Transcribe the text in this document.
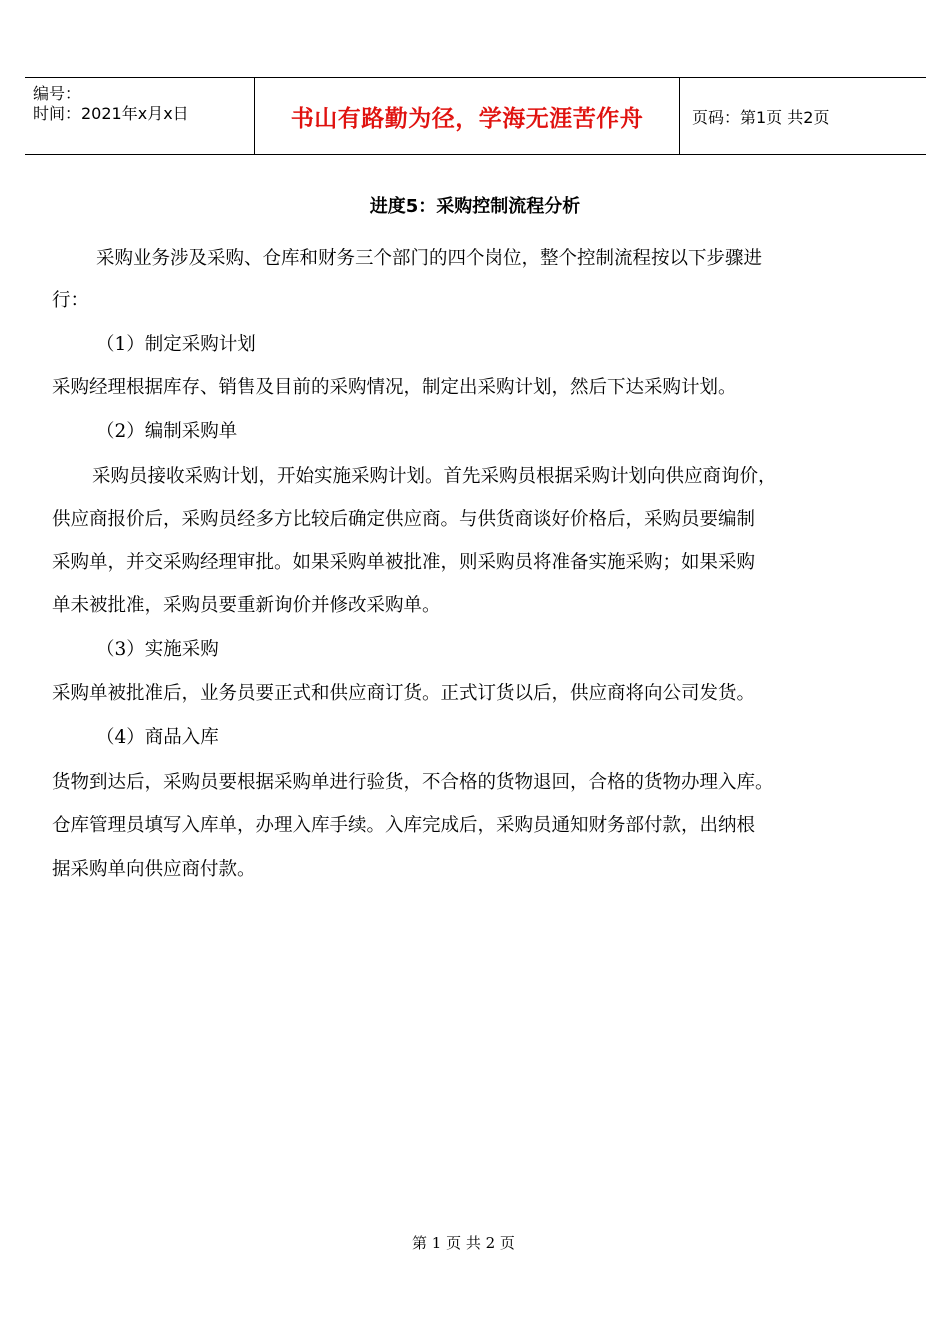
编号：
时间：2021年x月x日	书山有路勤为径，学海无涯苦作舟	页码：第1页 共2页
进度5：采购控制流程分析

采购业务涉及采购、仓库和财务三个部门的四个岗位，整个控制流程按以下步骤进

行：

（1）制定采购计划

采购经理根据库存、销售及目前的采购情况，制定出采购计划，然后下达采购计划。

（2）编制采购单

采购员接收采购计划，开始实施采购计划。首先采购员根据采购计划向供应商询价，

供应商报价后，采购员经多方比较后确定供应商。与供货商谈好价格后，采购员要编制

采购单，并交采购经理审批。如果采购单被批准，则采购员将准备实施采购；如果采购

单未被批准，采购员要重新询价并修改采购单。

（3）实施采购

采购单被批准后，业务员要正式和供应商订货。正式订货以后，供应商将向公司发货。

（4）商品入库

货物到达后，采购员要根据采购单进行验货，不合格的货物退回，合格的货物办理入库。

仓库管理员填写入库单，办理入库手续。入库完成后，采购员通知财务部付款，出纳根

据采购单向供应商付款。

第 1 页 共 2 页
